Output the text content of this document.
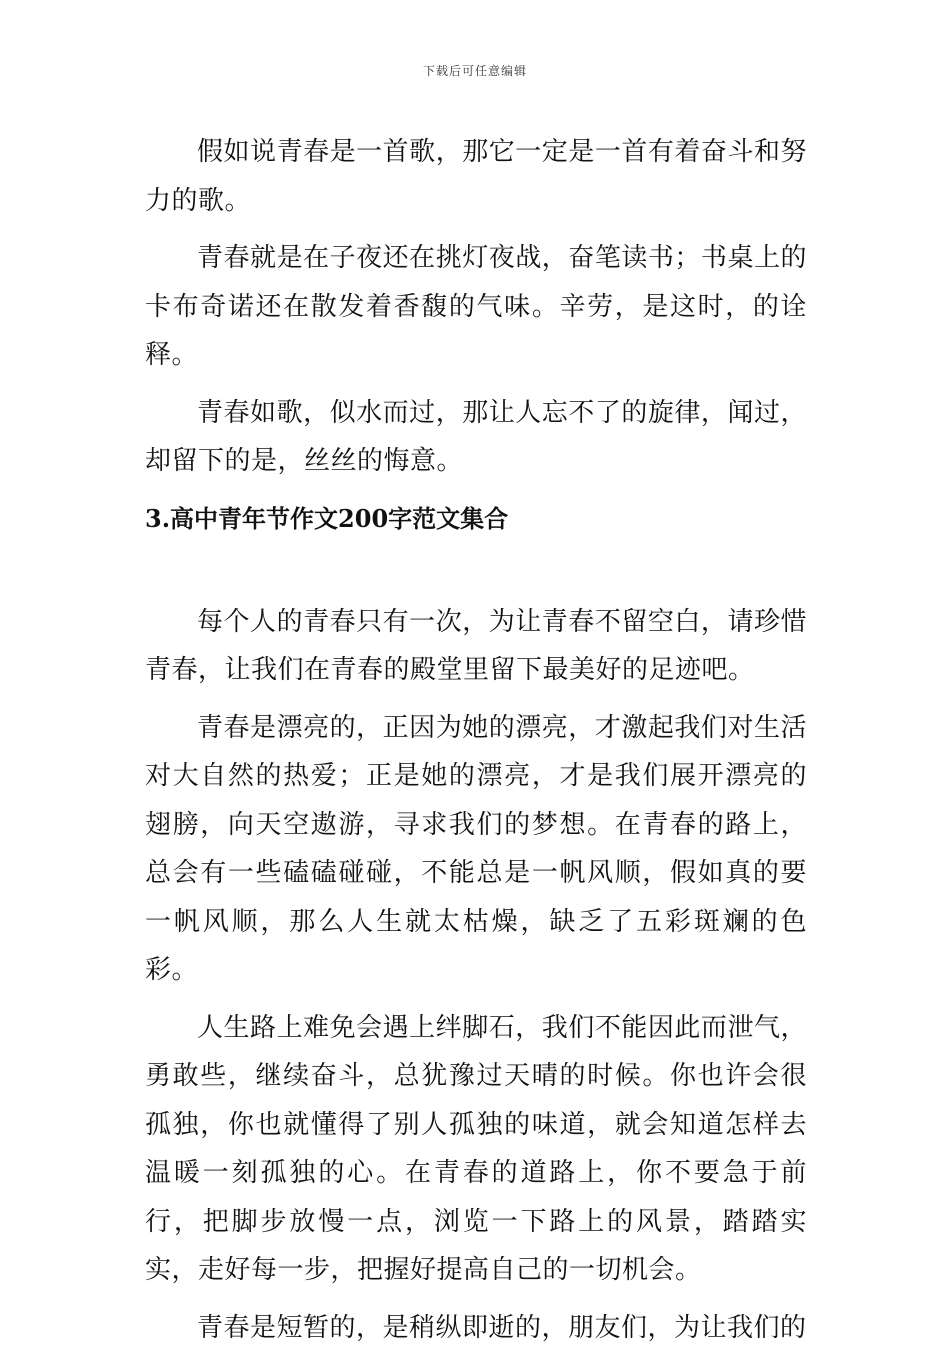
下载后可任意编辑

假如说青春是一首歌，那它一定是一首有着奋斗和努力的歌。

青春就是在子夜还在挑灯夜战，奋笔读书；书桌上的卡布奇诺还在散发着香馥的气味。辛劳，是这时，的诠释。

青春如歌，似水而过，那让人忘不了的旋律，闻过，却留下的是，丝丝的悔意。

3.高中青年节作文200字范文集合

每个人的青春只有一次，为让青春不留空白，请珍惜青春，让我们在青春的殿堂里留下最美好的足迹吧。

青春是漂亮的，正因为她的漂亮，才激起我们对生活对大自然的热爱；正是她的漂亮，才是我们展开漂亮的翅膀，向天空遨游，寻求我们的梦想。在青春的路上，总会有一些磕磕碰碰，不能总是一帆风顺，假如真的要一帆风顺，那么人生就太枯燥，缺乏了五彩斑斓的色彩。

人生路上难免会遇上绊脚石，我们不能因此而泄气，勇敢些，继续奋斗，总犹豫过天晴的时候。你也许会很孤独，你也就懂得了别人孤独的味道，就会知道怎样去温暖一刻孤独的心。在青春的道路上，你不要急于前行，把脚步放慢一点，浏览一下路上的风景，踏踏实实，走好每一步，把握好提高自己的一切机会。

青春是短暂的，是稍纵即逝的，朋友们，为让我们的
